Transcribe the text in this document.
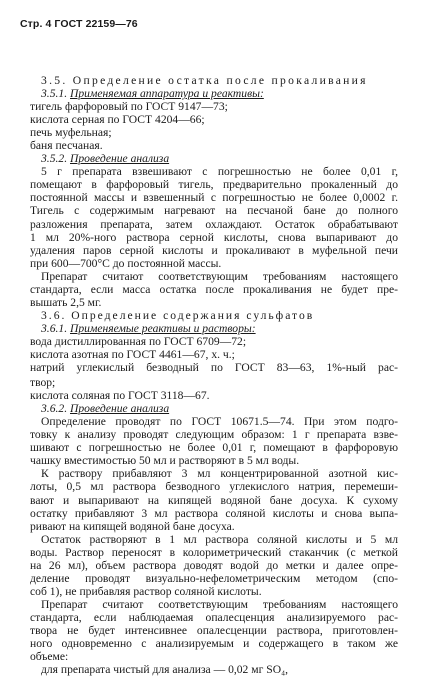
Стр. 4 ГОСТ 22159—76
3.5. Определение остатка после прокаливания
3.5.1. Применяемая аппаратура и реактивы:
тигель фарфоровый по ГОСТ 9147—73;
кислота серная по ГОСТ 4204—66;
печь муфельная;
баня песчаная.
3.5.2. Проведение анализа
5 г препарата взвешивают с погрешностью не более 0,01 г,
помещают в фарфоровый тигель, предварительно прокаленный до
постоянной массы и взвешенный с погрешностью не более 0,0002 г.
Тигель с содержимым нагревают на песчаной бане до полного
разложения препарата, затем охлаждают. Остаток обрабатывают
1 мл 20%-ного раствора серной кислоты, снова выпаривают до
удаления паров серной кислоты и прокаливают в муфельной печи
при 600—700°С до постоянной массы.
Препарат считают соответствующим требованиям настоящего
стандарта, если масса остатка после прокаливания не будет пре-
вышать 2,5 мг.
3.6. Определение содержания сульфатов
3.6.1. Применяемые реактивы и растворы:
вода дистиллированная по ГОСТ 6709—72;
кислота азотная по ГОСТ 4461—67, х. ч.;
натрий углекислый безводный по ГОСТ 83—63, 1%-ный рас-
твор;
кислота соляная по ГОСТ 3118—67.
3.6.2. Проведение анализа
Определение проводят по ГОСТ 10671.5—74. При этом подго-
товку к анализу проводят следующим образом: 1 г препарата взве-
шивают с погрешностью не более 0,01 г, помещают в фарфоровую
чашку вместимостью 50 мл и растворяют в 5 мл воды.
К раствору прибавляют 3 мл концентрированной азотной кис-
лоты, 0,5 мл раствора безводного углекислого натрия, перемеши-
вают и выпаривают на кипящей водяной бане досуха. К сухому
остатку прибавляют 3 мл раствора соляной кислоты и снова выпа-
ривают на кипящей водяной бане досуха.
Остаток растворяют в 1 мл раствора соляной кислоты и 5 мл
воды. Раствор переносят в колориметрический стаканчик (с меткой
на 26 мл), объем раствора доводят водой до метки и далее опре-
деление проводят визуально-нефелометрическим методом (спо-
соб 1), не прибавляя раствор соляной кислоты.
Препарат считают соответствующим требованиям настоящего
стандарта, если наблюдаемая опалесценция анализируемого рас-
твора не будет интенсивнее опалесценции раствора, приготовлен-
ного одновременно с анализируемым и содержащего в таком же
объеме:
для препарата чистый для анализа — 0,02 мг SO₄,
